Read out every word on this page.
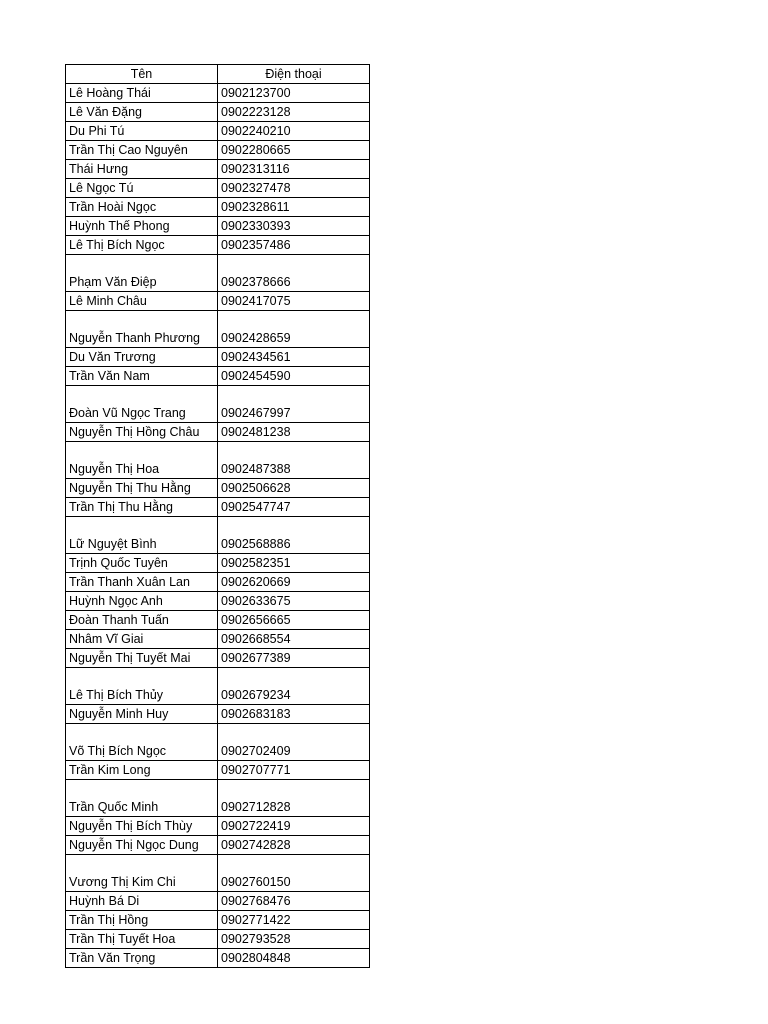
Tên	Điện thoại
Lê Hoàng Thái	0902123700
Lê Văn Đặng	0902223128
Du Phi Tú	0902240210
Trần Thị Cao Nguyên	0902280665
Thái Hưng	0902313116
Lê Ngọc Tú	0902327478
Trần Hoài Ngọc	0902328611
Huỳnh Thế Phong	0902330393
Lê Thị Bích Ngọc	0902357486
Phạm Văn Điệp	0902378666
Lê Minh Châu	0902417075
Nguyễn Thanh Phương	0902428659
Du Văn Trương	0902434561
Trần Văn Nam	0902454590
Đoàn Vũ Ngọc Trang	0902467997
Nguyễn Thị Hồng Châu	0902481238
Nguyễn Thị Hoa	0902487388
Nguyễn Thị Thu Hằng	0902506628
Trần Thị Thu Hằng	0902547747
Lữ Nguyệt Bình	0902568886
Trịnh Quốc Tuyên	0902582351
Trần Thanh Xuân Lan	0902620669
Huỳnh Ngọc Anh	0902633675
Đoàn Thanh Tuấn	0902656665
Nhâm Vĩ Giai	0902668554
Nguyễn Thị Tuyết Mai	0902677389
Lê Thị Bích Thủy	0902679234
Nguyễn Minh Huy	0902683183
Võ Thị Bích Ngọc	0902702409
Trần Kim Long	0902707771
Trần Quốc Minh	0902712828
Nguyễn Thị Bích Thùy	0902722419
Nguyễn Thị Ngọc Dung	0902742828
Vương Thị Kim Chi	0902760150
Huỳnh Bá Di	0902768476
Trần Thị Hồng	0902771422
Trần Thị Tuyết Hoa	0902793528
Trần Văn Trọng	0902804848
